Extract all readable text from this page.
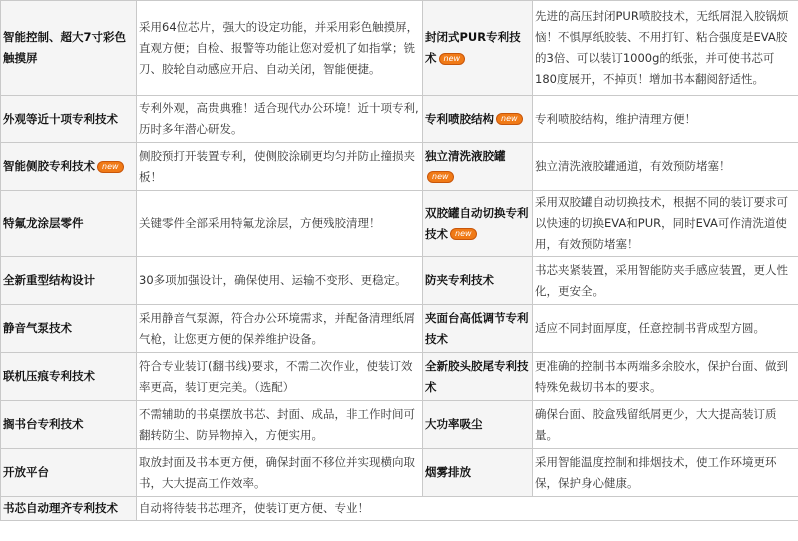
智能控制、超大7寸彩色触摸屏	采用64位芯片，强大的设定功能，并采用彩色触摸屏，直观方便；自检、报警等功能让您对爱机了如指掌；铣刀、胶轮自动感应开启、自动关闭，智能便捷。	封闭式PUR专利技术 new	先进的高压封闭PUR喷胶技术，无纸屑混入胶锅烦恼！不惧厚纸胶装、不用打钉、粘合强度是EVA胶的3倍、可以装订1000g的纸张，并可使书芯可180度展开，不掉页！增加书本翻阅舒适性。
外观等近十项专利技术	专利外观，高贵典雅！适合现代办公环境！近十项专利,历时多年潜心研发。	专利喷胶结构 new	专利喷胶结构，维护清理方便！
智能侧胶专利技术 new	侧胶预打开装置专利，使侧胶涂刷更均匀并防止撞损夹板！	独立清洗液胶罐new	独立清洗液胶罐通道，有效预防堵塞！
特氟龙涂层零件	关键零件全部采用特氟龙涂层，方便残胶清理！	双胶罐自动切换专利技术 new	采用双胶罐自动切换技术，根据不同的装订要求可以快速的切换EVA和PUR，同时EVA可作清洗道使用，有效预防堵塞！
全新重型结构设计	30多项加强设计，确保使用、运输不变形、更稳定。	防夹专利技术	书芯夹紧装置，采用智能防夹手感应装置，更人性化，更安全。
静音气泵技术	采用静音气泵源，符合办公环境需求，并配备清理纸屑气枪，让您更方便的保养维护设备。	夹面台高低调节专利技术	适应不同封面厚度，任意控制书背成型方圆。
联机压痕专利技术	符合专业装订(翻书线)要求，不需二次作业，使装订效率更高，装订更完美。（选配）	全新胶头胶尾专利技术	更准确的控制书本两端多余胶水，保护台面、做到特殊免裁切书本的要求。
搁书台专利技术	不需辅助的书桌摆放书芯、封面、成品，非工作时间可翻转防尘、防异物掉入，方便实用。	大功率吸尘	确保台面、胶盒残留纸屑更少，大大提高装订质量。
开放平台	取放封面及书本更方便，确保封面不移位并实现横向取书，大大提高工作效率。	烟雾排放	采用智能温度控制和排烟技术，使工作环境更环保，保护身心健康。
书芯自动理齐专利技术	自动将待装书芯理齐，使装订更方便、专业！		
